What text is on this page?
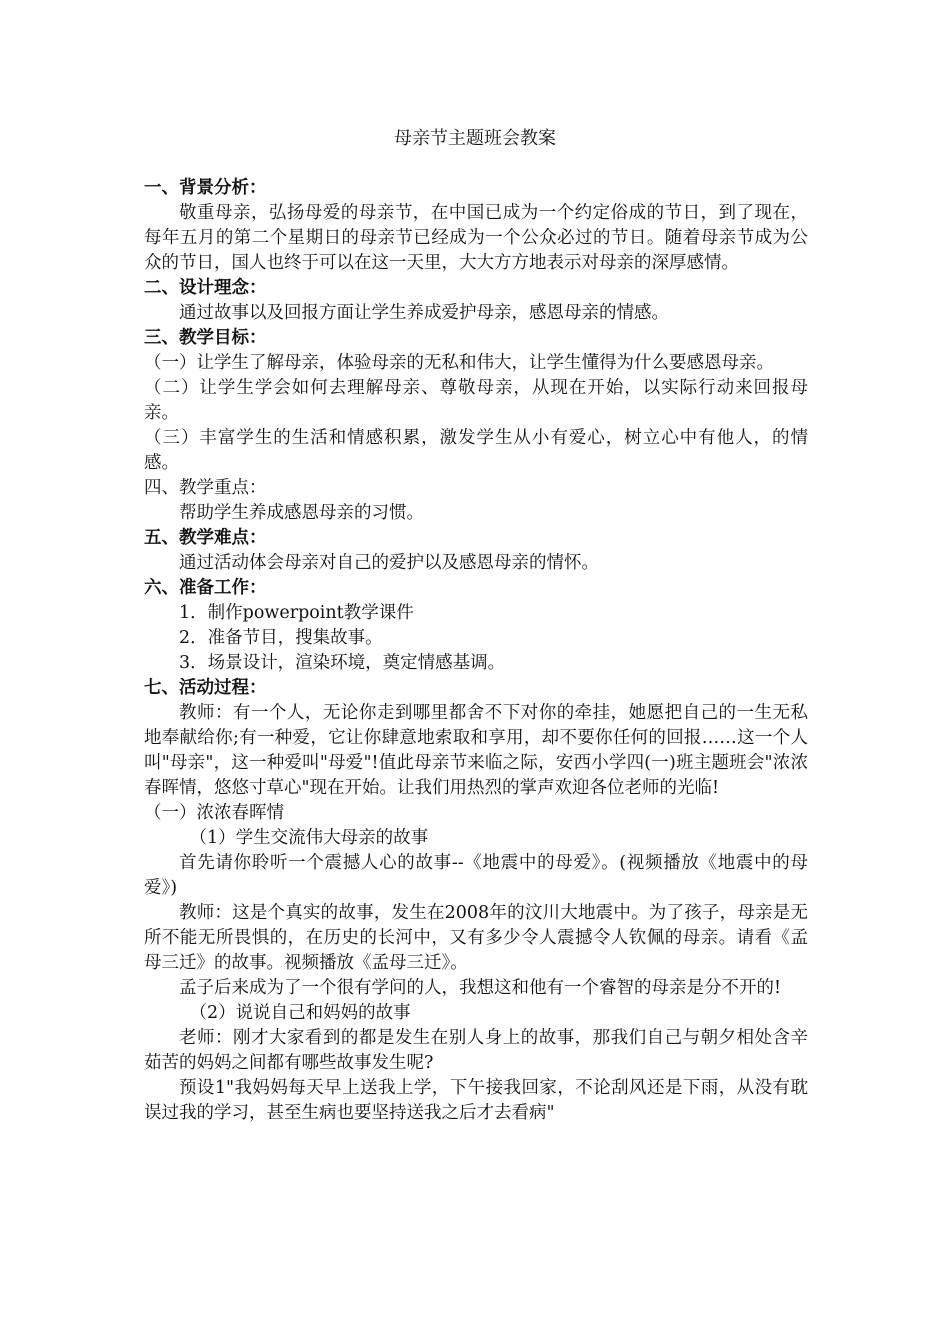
母亲节主题班会教案

一、背景分析：

敬重母亲，弘扬母爱的母亲节，在中国已成为一个约定俗成的节日，到了现在，每年五月的第二个星期日的母亲节已经成为一个公众必过的节日。随着母亲节成为公众的节日，国人也终于可以在这一天里，大大方方地表示对母亲的深厚感情。

二、设计理念：

通过故事以及回报方面让学生养成爱护母亲，感恩母亲的情感。

三、教学目标：

（一）让学生了解母亲，体验母亲的无私和伟大，让学生懂得为什么要感恩母亲。

（二）让学生学会如何去理解母亲、尊敬母亲，从现在开始，以实际行动来回报母亲。

（三）丰富学生的生活和情感积累，激发学生从小有爱心，树立心中有他人，的情感。

四、教学重点：

帮助学生养成感恩母亲的习惯。

五、教学难点：

通过活动体会母亲对自己的爱护以及感恩母亲的情怀。

六、准备工作：

1．制作powerpoint教学课件

2．准备节目，搜集故事。

3．场景设计，渲染环境，奠定情感基调。

七、活动过程：

教师：有一个人，无论你走到哪里都舍不下对你的牵挂，她愿把自己的一生无私地奉献给你;有一种爱，它让你肆意地索取和享用，却不要你任何的回报……这一个人叫"母亲"，这一种爱叫"母爱"!值此母亲节来临之际，安西小学四(一)班主题班会"浓浓春晖情，悠悠寸草心"现在开始。让我们用热烈的掌声欢迎各位老师的光临!

（一）浓浓春晖情

（1）学生交流伟大母亲的故事

首先请你聆听一个震撼人心的故事--《地震中的母爱》。(视频播放《地震中的母爱》)

教师：这是个真实的故事，发生在2008年的汶川大地震中。为了孩子，母亲是无所不能无所畏惧的，在历史的长河中，又有多少令人震撼令人钦佩的母亲。请看《孟母三迁》的故事。视频播放《孟母三迁》。

孟子后来成为了一个很有学问的人，我想这和他有一个睿智的母亲是分不开的!

（2）说说自己和妈妈的故事

老师：刚才大家看到的都是发生在别人身上的故事，那我们自己与朝夕相处含辛茹苦的妈妈之间都有哪些故事发生呢?

预设1"我妈妈每天早上送我上学，下午接我回家，不论刮风还是下雨，从没有耽误过我的学习，甚至生病也要坚持送我之后才去看病"
